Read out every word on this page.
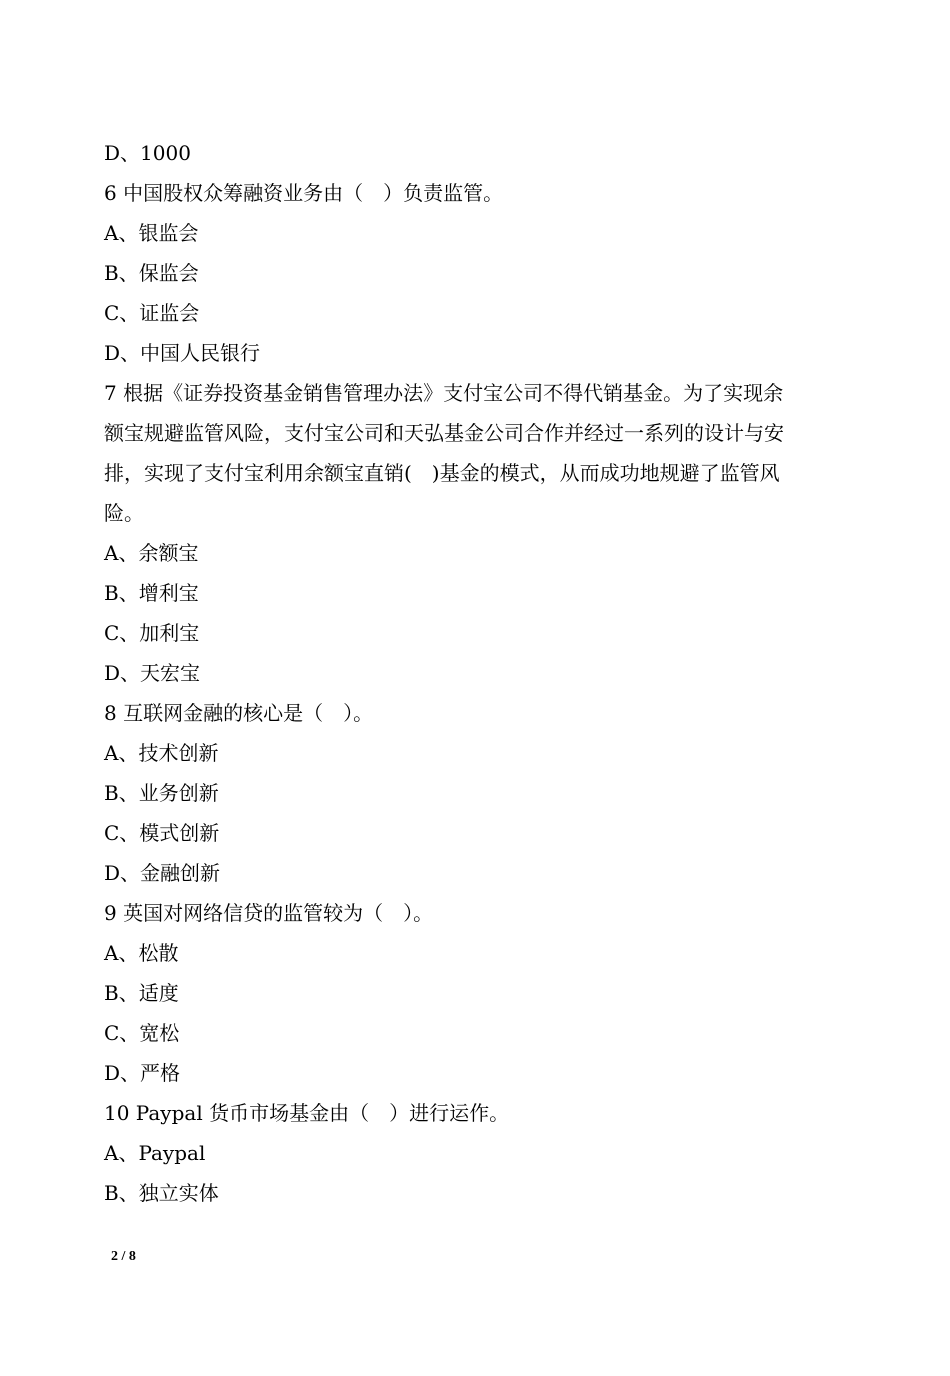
D、1000
6 中国股权众筹融资业务由（　）负责监管。
A、银监会
B、保监会
C、证监会
D、中国人民银行
7 根据《证券投资基金销售管理办法》支付宝公司不得代销基金。为了实现余
额宝规避监管风险，支付宝公司和天弘基金公司合作并经过一系列的设计与安
排，实现了支付宝利用余额宝直销(　)基金的模式，从而成功地规避了监管风
险。
A、余额宝
B、增利宝
C、加利宝
D、天宏宝
8 互联网金融的核心是（　）。
A、技术创新
B、业务创新
C、模式创新
D、金融创新
9 英国对网络信贷的监管较为（　）。
A、松散
B、适度
C、宽松
D、严格
10 Paypal 货币市场基金由（　）进行运作。
A、Paypal
B、独立实体
2 / 8
